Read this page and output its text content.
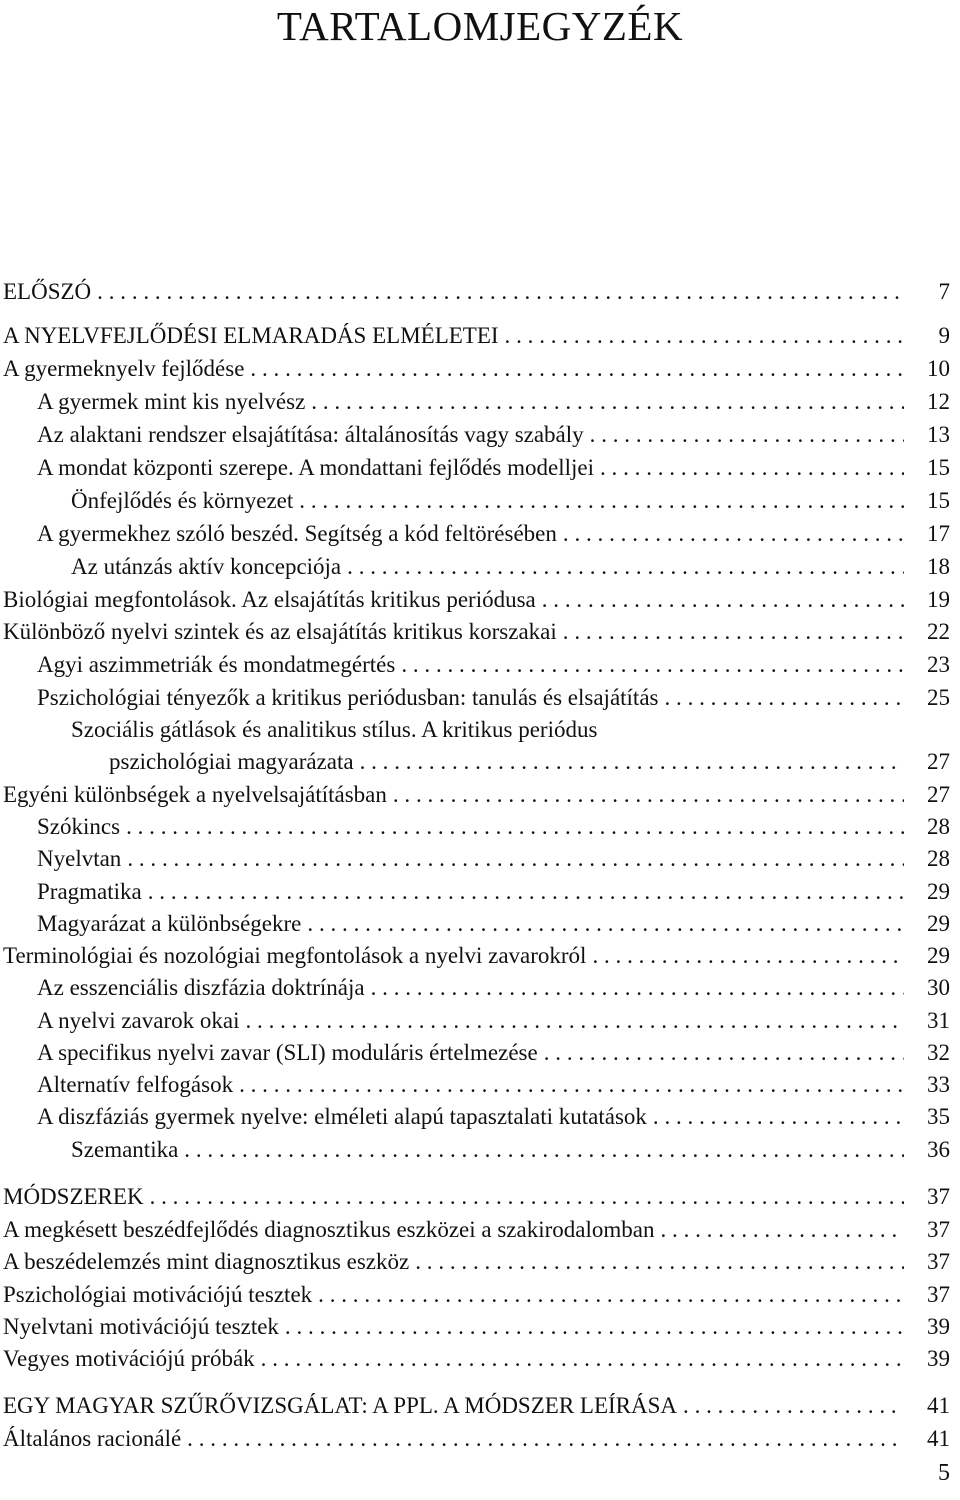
TARTALOMJEGYZÉK
ELŐSZÓ .....	7
A NYELVFEJLŐDÉSI ELMARADÁS ELMÉLETEI .....	9
A gyermeknyelv fejlődése .....	10
A gyermek mint kis nyelvész .....	12
Az alaktani rendszer elsajátítása: általánosítás vagy szabály .....	13
A mondat központi szerepe. A mondattani fejlődés modelljei .....	15
Önfejlődés és környezet .....	15
A gyermekhez szóló beszéd. Segítség a kód feltörésében .....	17
Az utánzás aktív koncepciója .....	18
Biológiai megfontolások. Az elsajátítás kritikus periódusa .....	19
Különböző nyelvi szintek és az elsajátítás kritikus korszakai .....	22
Agyi aszimmetriák és mondatmegértés .....	23
Pszichológiai tényezők a kritikus periódusban: tanulás és elsajátítás .....	25
Szociális gátlások és analitikus stílus. A kritikus periódus
pszichológiai magyarázata .....	27
Egyéni különbségek a nyelvelsajátításban .....	27
Szókincs .....	28
Nyelvtan .....	28
Pragmatika .....	29
Magyarázat a különbségekre .....	29
Terminológiai és nozológiai megfontolások a nyelvi zavarokról .....	29
Az esszenciális diszfázia doktrínája .....	30
A nyelvi zavarok okai .....	31
A specifikus nyelvi zavar (SLI) moduláris értelmezése .....	32
Alternatív felfogások .....	33
A diszfáziás gyermek nyelve: elméleti alapú tapasztalati kutatások .....	35
Szemantika .....	36
MÓDSZEREK .....	37
A megkésett beszédfejlődés diagnosztikus eszközei a szakirodalomban .....	37
A beszédelemzés mint diagnosztikus eszköz .....	37
Pszichológiai motivációjú tesztek .....	37
Nyelvtani motivációjú tesztek .....	39
Vegyes motivációjú próbák .....	39
EGY MAGYAR SZŰRŐVIZSGÁLAT: A PPL. A MÓDSZER LEÍRÁSA .....	41
Általános racionálé .....	41
5
